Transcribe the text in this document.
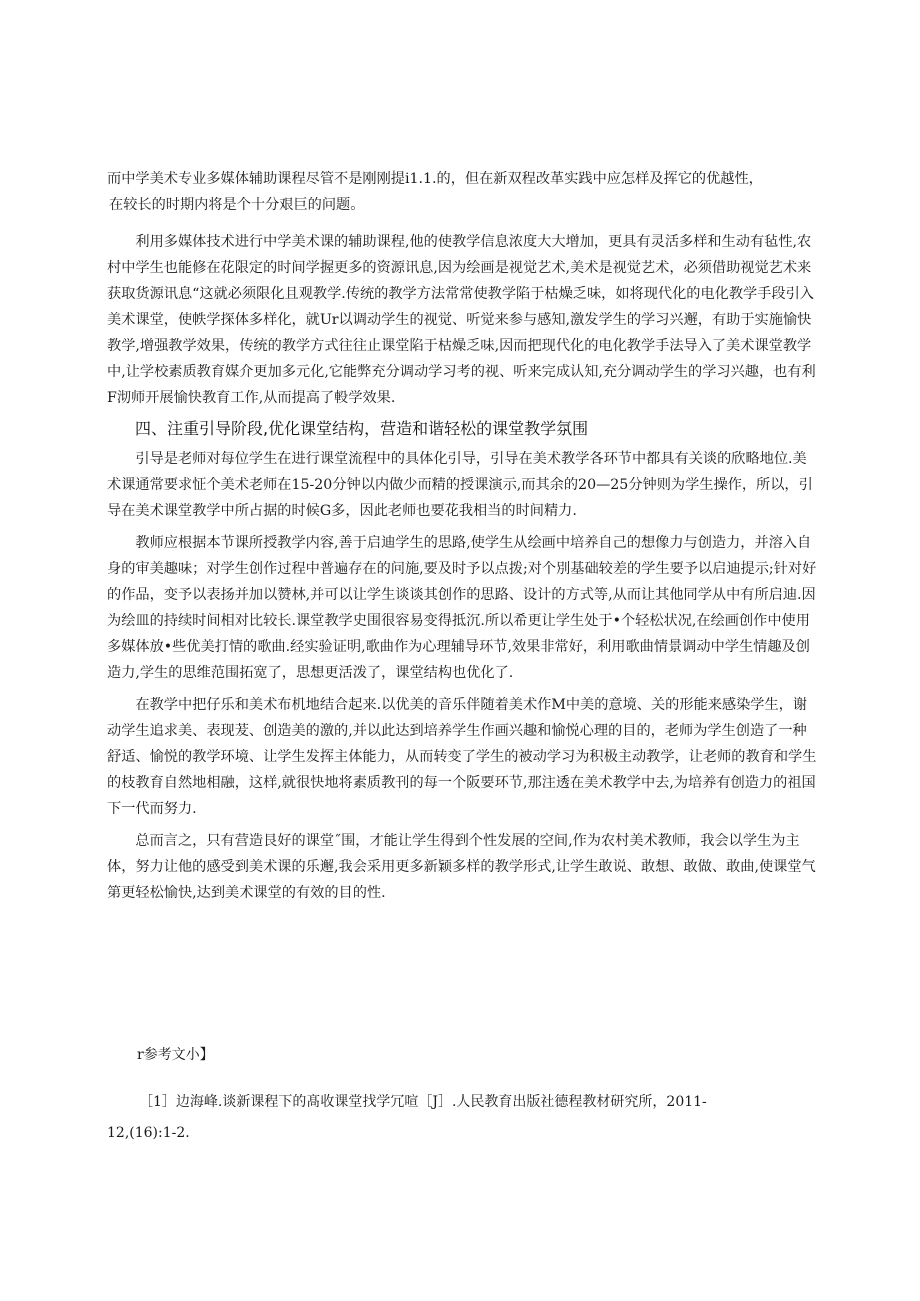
而中学美术专业多媒体辅助课程尽管不是刚刚提i1.1.的，但在新双程改革实践中应怎样及挥它的优越性，

在较长的时期内将是个十分艰巨的问题。

利用多媒体技术进行中学美术课的辅助课程,他的使教学信息浓度大大增加，更具有灵活多样和生动有毡性,农村中学生也能修在花限定的时间学握更多的资源讯息,因为绘画是视觉艺术,美术是视觉艺术，必须借助视觉艺术来获取货源讯息“这就必须限化且观教学.传统的教学方法常常使教学陷于枯燥乏味，如将现代化的电化教学手段引入美术课堂，使帙学探体多样化，就Ur以调动学生的视觉、听觉来参与感知,激发学生的学习兴邂，有助于实施愉快教学,增强教学效果，传统的教学方式往往止课堂陷于枯燥乏味,因而把现代化的电化教学手法导入了美术课堂教学中,让学校素质教育媒介更加多元化,它能弊充分调动学习考的视、听来完成认知,充分调动学生的学习兴趣，也有利F沏师开展愉快教育工作,从而提高了軗学效果.

四、注重引导阶段,优化课堂结构，营造和谐轻松的课堂教学氛围

引导是老师对每位学生在进行课堂流程中的具体化引导，引导在美术教学各环节中都具有关谈的欣略地位.美术课通常要求怔个美术老师在15-20分钟以内做少而精的授课演示,而其余的20—25分钟则为学生操作，所以，引导在美术课堂教学中所占据的时候G多，因此老师也要花我相当的时间精力.

教师应根据本节课所授教学内容,善于启迪学生的思路,使学生从绘画中培养自己的想像力与创造力，并溶入自身的审美趣味；对学生创作过程中普遍存在的问施,要及时予以点拨;对个別基础较差的学生要予以启迪提示;针对好的作品，变予以表扬并加以赞林,并可以让学生谈谈其创作的思路、设计的方式等,从而让其他同学从中有所启迪.因为绘皿的持续时间相对比较长.课堂教学史围很容易变得抵沉.所以希更让学生处于•个轻松状况,在绘画创作中使用多媒体放•些优美打情的歌曲.经实验证明,歌曲作为心理辅导环节,效果非常好，利用歌曲情景调动中学生情趣及创造力,学生的思维范围拓宽了，思想更活泼了，课堂结构也优化了.

在教学中把仔乐和美术布机地结合起来.以优美的音乐伴随着美术作M中美的意境、关的形能来感染学生，谢动学生追求美、表现茇、创造美的激的,并以此达到培养学生作画兴趣和愉悦心理的目的，老师为学生创造了一种舒适、愉悦的教学环境、让学生发挥主体能力，从而转变了学生的被动学习为积极主动教学，让老师的教育和学生的枝教育自然地相融，这样,就很快地将素质教刊的每一个阪要环节,那注透在美术教学中去,为培养有创造力的祖国下一代而努力.

总而言之，只有营造艮好的课堂˝围，才能让学生得到个性发展的空间,作为农村美术教师，我会以学生为主体，努力让他的感受到美术课的乐邂,我会采用更多新颖多样的教学形式,让学生敢说、敢想、敢做、敢曲,使课堂气第更轻松愉快,达到美术课堂的有效的目的性.

r参考文小】

［1］边海峰.谈新课程下的髙收课堂找学冗喧［J］.人民教育出版社德程教材研究所，2011-

12,(16):1-2.
